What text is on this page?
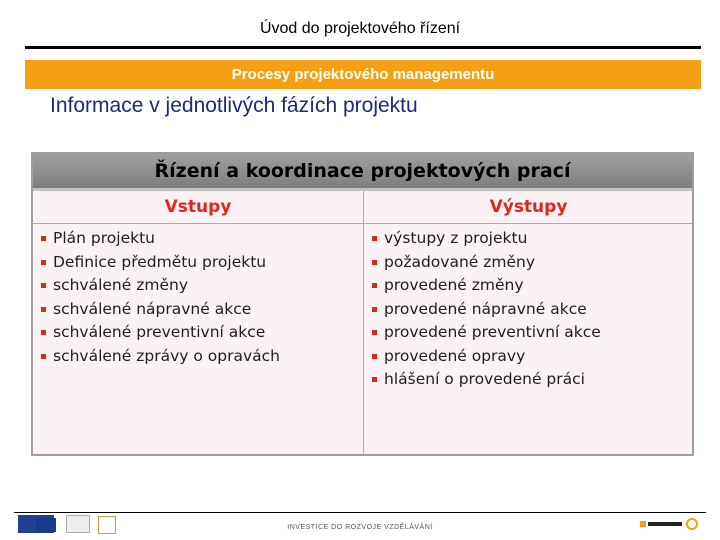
Úvod do projektového řízení
Procesy projektového managementu
Informace v jednotlivých fázích projektu
Řízení a koordinace projektových prací
Vstupy	Výstupy
Plán projektu
Definice předmětu projektu
schválené změny
schválené nápravné akce
schválené preventivní akce
schválené zprávy o opravách
výstupy z projektu
požadované změny
provedené změny
provedené nápravné akce
provedené preventivní akce
provedené opravy
hlášení o provedené práci
INVESTICE DO ROZVOJE VZDĚLÁVÁNÍ
